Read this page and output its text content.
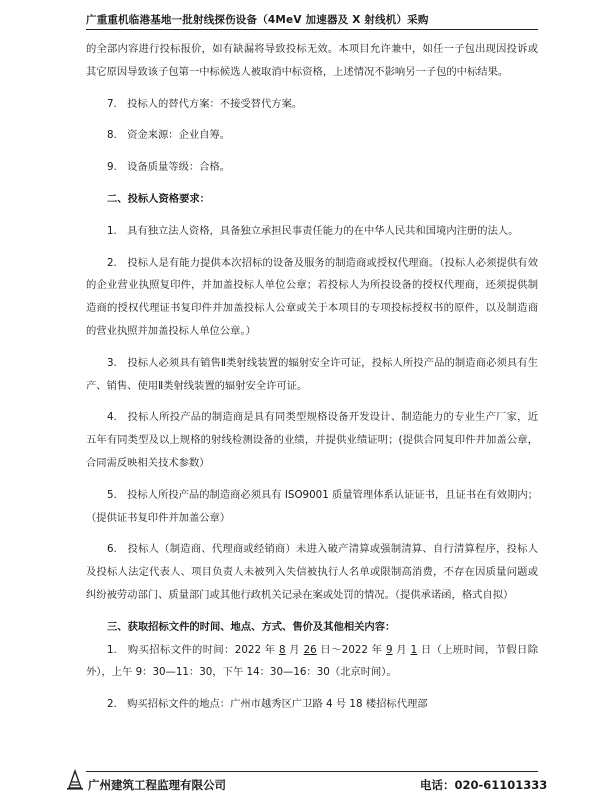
广重重机临港基地一批射线探伤设备（4MeV 加速器及 X 射线机）采购

的全部内容进行投标报价，如有缺漏将导致投标无效。本项目允许兼中，如任一子包出现因投诉或其它原因导致该子包第一中标候选人被取消中标资格，上述情况不影响另一子包的中标结果。

7.　投标人的替代方案：不接受替代方案。

8.　资金来源：企业自筹。

9.　设备质量等级：合格。

二、投标人资格要求：

1.　具有独立法人资格，具备独立承担民事责任能力的在中华人民共和国境内注册的法人。

2.　投标人是有能力提供本次招标的设备及服务的制造商或授权代理商。（投标人必须提供有效的企业营业执照复印件，并加盖投标人单位公章；若投标人为所投设备的授权代理商，还须提供制造商的授权代理证书复印件并加盖投标人公章或关于本项目的专项投标授权书的原件，以及制造商的营业执照并加盖投标人单位公章。）

3.　投标人必须具有销售Ⅱ类射线装置的辐射安全许可证，投标人所投产品的制造商必须具有生产、销售、使用Ⅱ类射线装置的辐射安全许可证。

4.　投标人所投产品的制造商是具有同类型规格设备开发设计、制造能力的专业生产厂家，近五年有同类型及以上规格的射线检测设备的业绩，并提供业绩证明；(提供合同复印件并加盖公章，合同需反映相关技术参数）

5.　投标人所投产品的制造商必须具有 ISO9001 质量管理体系认证证书，且证书在有效期内；（提供证书复印件并加盖公章）

6.　投标人（制造商、代理商或经销商）未进入破产清算或强制清算、自行清算程序，投标人及投标人法定代表人、项目负责人未被列入失信被执行人名单或限制高消费，不存在因质量问题或纠纷被劳动部门、质量部门或其他行政机关记录在案或处罚的情况。（提供承诺函，格式自拟）

三、获取招标文件的时间、地点、方式、售价及其他相关内容：

1.　购买招标文件的时间：2022 年 8 月 26 日～2022 年 9 月 1 日（上班时间，节假日除外），上午 9：30—11：30，下午 14：30—16：30（北京时间）。

2.　购买招标文件的地点：广州市越秀区广卫路 4 号 18 楼招标代理部

广州建筑工程监理有限公司	电话：020-61101333
